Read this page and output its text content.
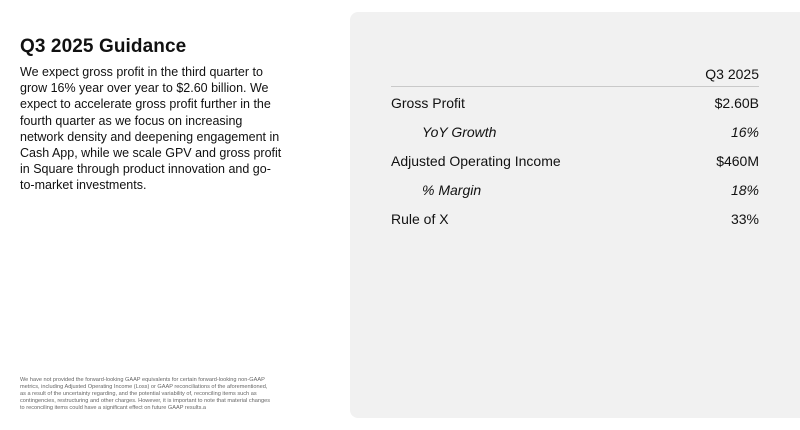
Q3 2025 Guidance

We expect gross profit in the third quarter to grow 16% year over year to $2.60 billion. We expect to accelerate gross profit further in the fourth quarter as we focus on increasing network density and deepening engagement in Cash App, while we scale GPV and gross profit in Square through product innovation and go-to-market investments.

We have not provided the forward-looking GAAP equivalents for certain forward-looking non-GAAP metrics, including Adjusted Operating Income (Loss) or GAAP reconciliations of the aforementioned, as a result of the uncertainty regarding, and the potential variability of, reconciling items such as contingencies, restructuring and other charges. However, it is important to note that material changes to reconciling items could have a significant effect on future GAAP results.a

Q3 2025
Gross Profit	$2.60B
YoY Growth	16%
Adjusted Operating Income	$460M
% Margin	18%
Rule of X	33%
